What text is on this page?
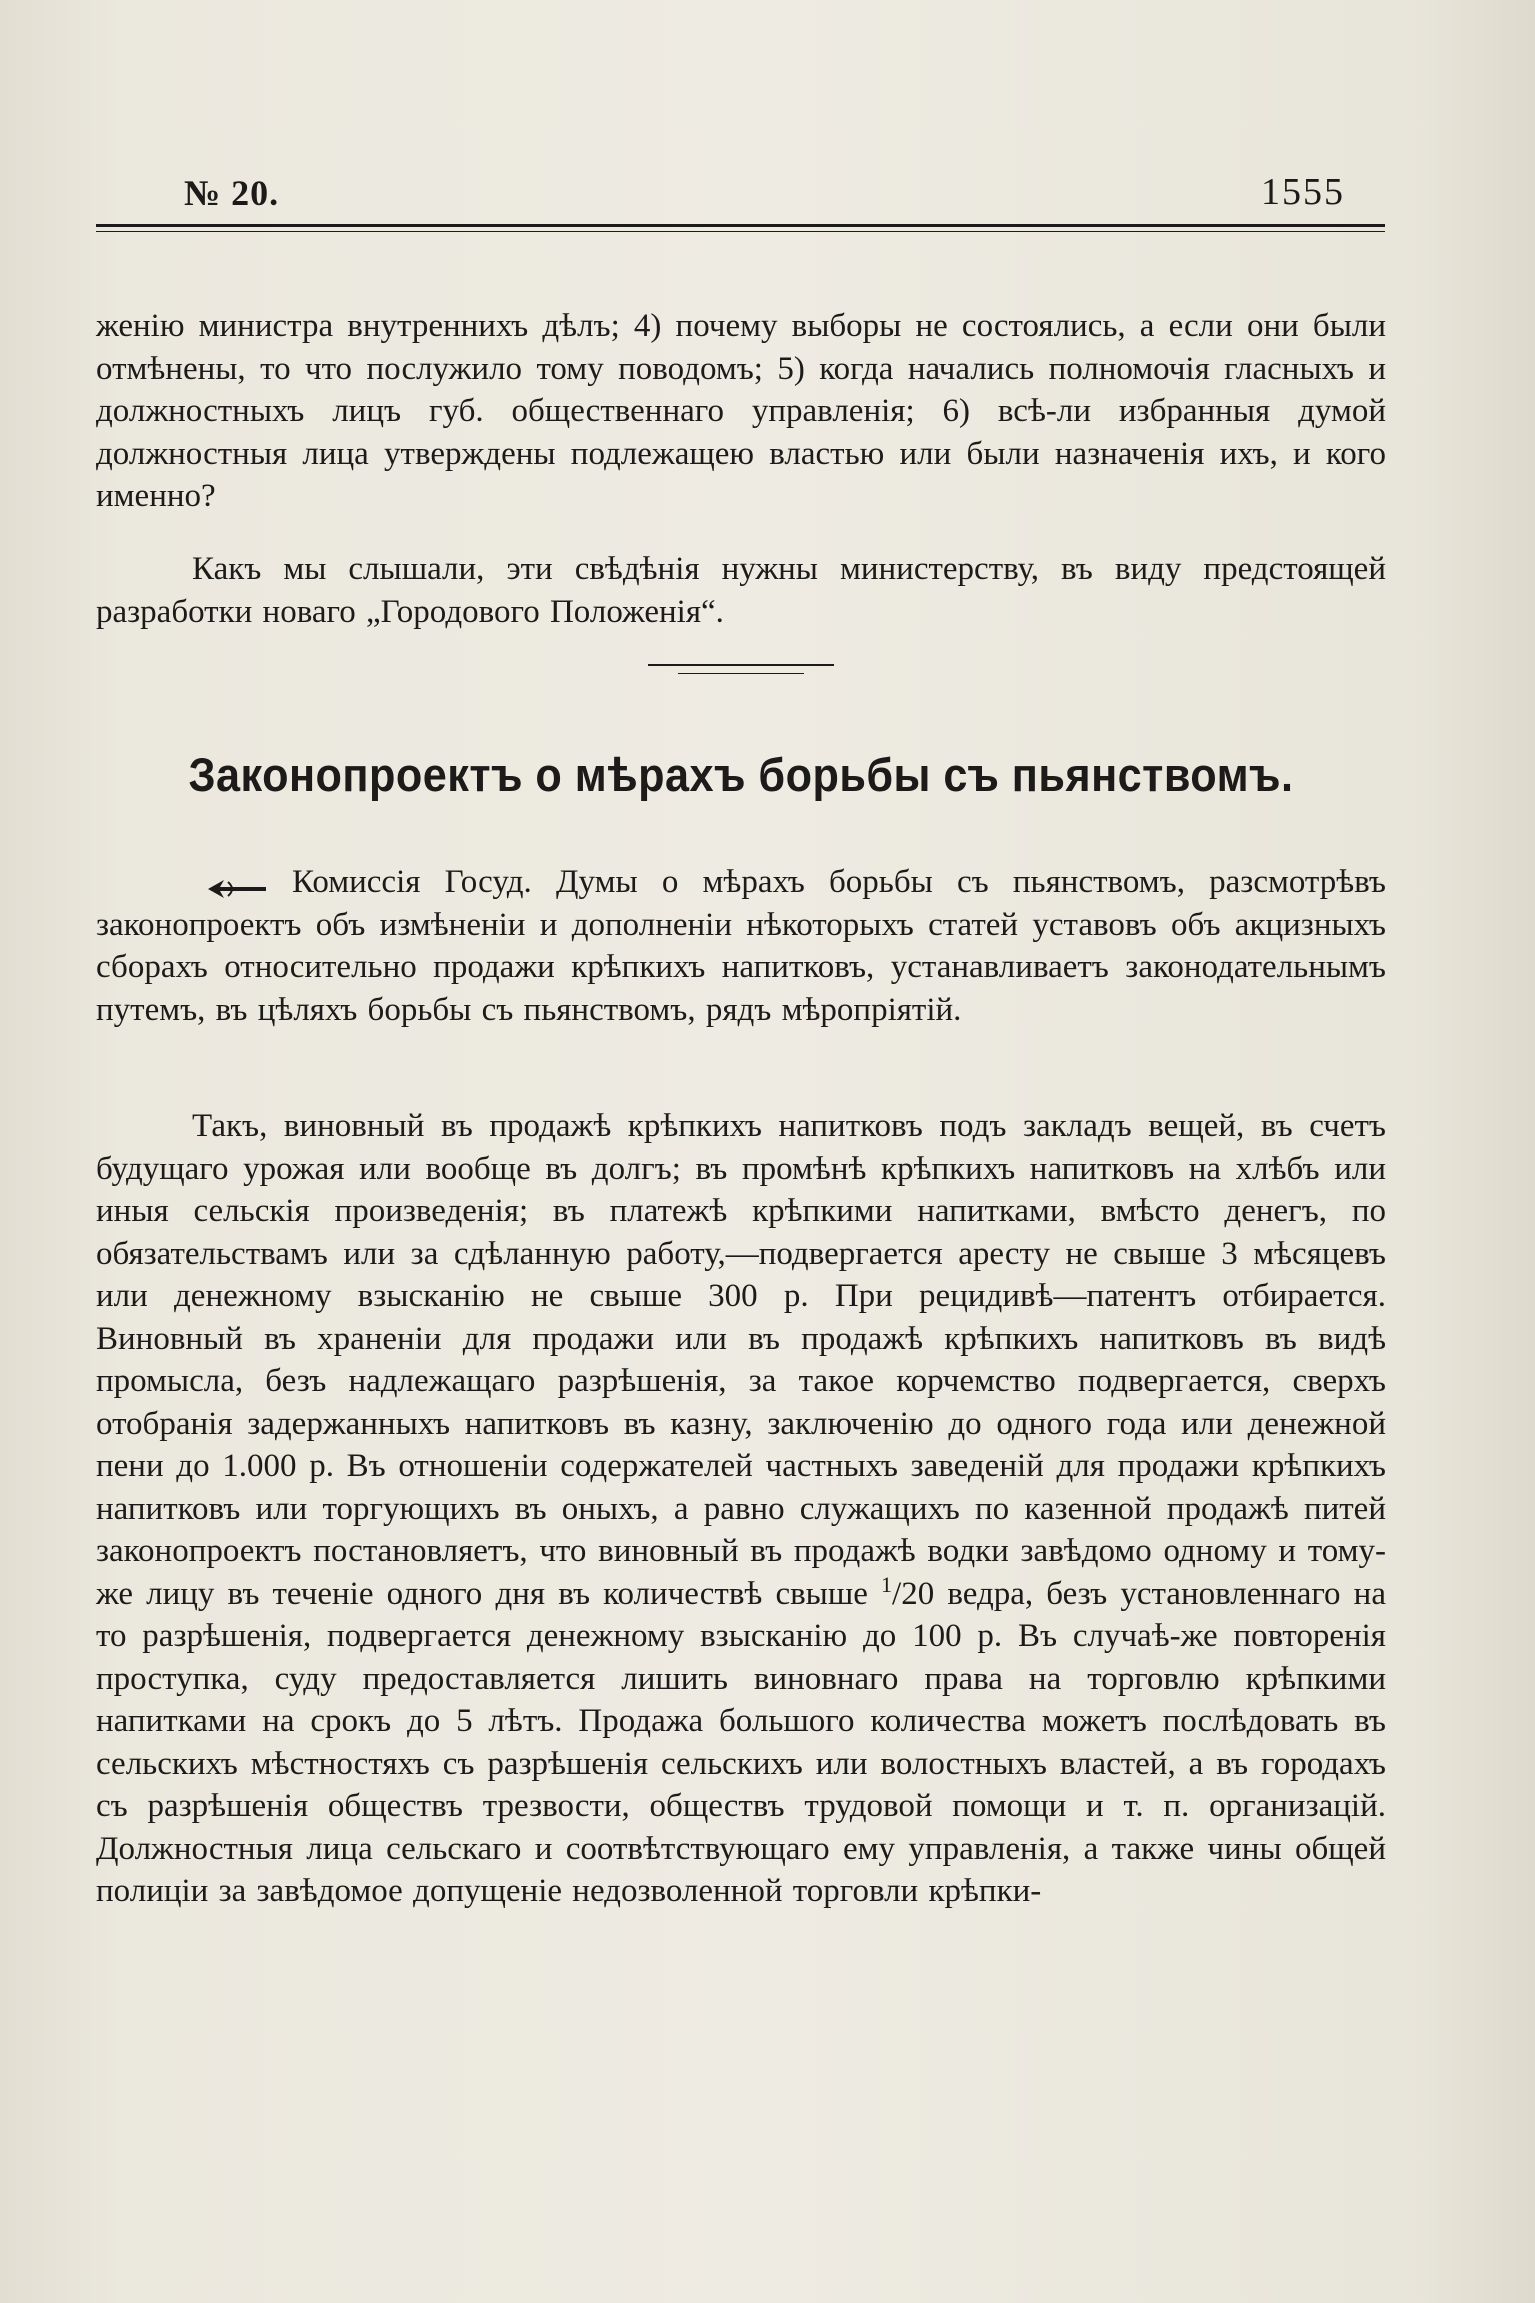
№ 20.	1555

женію министра внутреннихъ дѣлъ; 4) почему выборы не состоялись, а если они были отмѣнены, то что послужило тому поводомъ; 5) когда начались полномочія гласныхъ и должностныхъ лицъ губ. общественнаго управленія; 6) всѣ-ли избранныя думой должностныя лица утверждены подлежащею властью или были назначенія ихъ, и кого именно?

Какъ мы слышали, эти свѣдѣнія нужны министерству, въ виду предстоящей разработки новаго „Городового Положенія“.

Законопроектъ о мѣрахъ борьбы съ пьянствомъ.

Комиссія Госуд. Думы о мѣрахъ борьбы съ пьянствомъ, разсмотрѣвъ законопроектъ объ измѣненіи и дополненіи нѣкоторыхъ статей уставовъ объ акцизныхъ сборахъ относительно продажи крѣпкихъ напитковъ, устанавливаетъ законодательнымъ путемъ, въ цѣляхъ борьбы съ пьянствомъ, рядъ мѣропріятій.

Такъ, виновный въ продажѣ крѣпкихъ напитковъ подъ закладъ вещей, въ счетъ будущаго урожая или вообще въ долгъ; въ промѣнѣ крѣпкихъ напитковъ на хлѣбъ или иныя сельскія произведенія; въ платежѣ крѣпкими напитками, вмѣсто денегъ, по обязательствамъ или за сдѣланную работу,—подвергается аресту не свыше 3 мѣсяцевъ или денежному взысканію не свыше 300 р. При рецидивѣ—патентъ отбирается. Виновный въ храненіи для продажи или въ продажѣ крѣпкихъ напитковъ въ видѣ промысла, безъ надлежащаго разрѣшенія, за такое корчемство подвергается, сверхъ отобранія задержанныхъ напитковъ въ казну, заключенію до одного года или денежной пени до 1.000 р. Въ отношеніи содержателей частныхъ заведеній для продажи крѣпкихъ напитковъ или торгующихъ въ оныхъ, а равно служащихъ по казенной продажѣ питей законопроектъ постановляетъ, что виновный въ продажѣ водки завѣдомо одному и тому-же лицу въ теченіе одного дня въ количествѣ свыше $^1$/20 ведра, безъ установленнаго на то разрѣшенія, подвергается денежному взысканію до 100 р. Въ случаѣ-же повторенія проступка, суду предоставляется лишить виновнаго права на торговлю крѣпкими напитками на срокъ до 5 лѣтъ. Продажа большого количества можетъ послѣдовать въ сельскихъ мѣстностяхъ съ разрѣшенія сельскихъ или волостныхъ властей, а въ городахъ съ разрѣшенія обществъ трезвости, обществъ трудовой помощи и т. п. организацій. Должностныя лица сельскаго и соотвѣтствующаго ему управленія, а также чины общей полиціи за завѣдомое допущеніе недозволенной торговли крѣпки-
